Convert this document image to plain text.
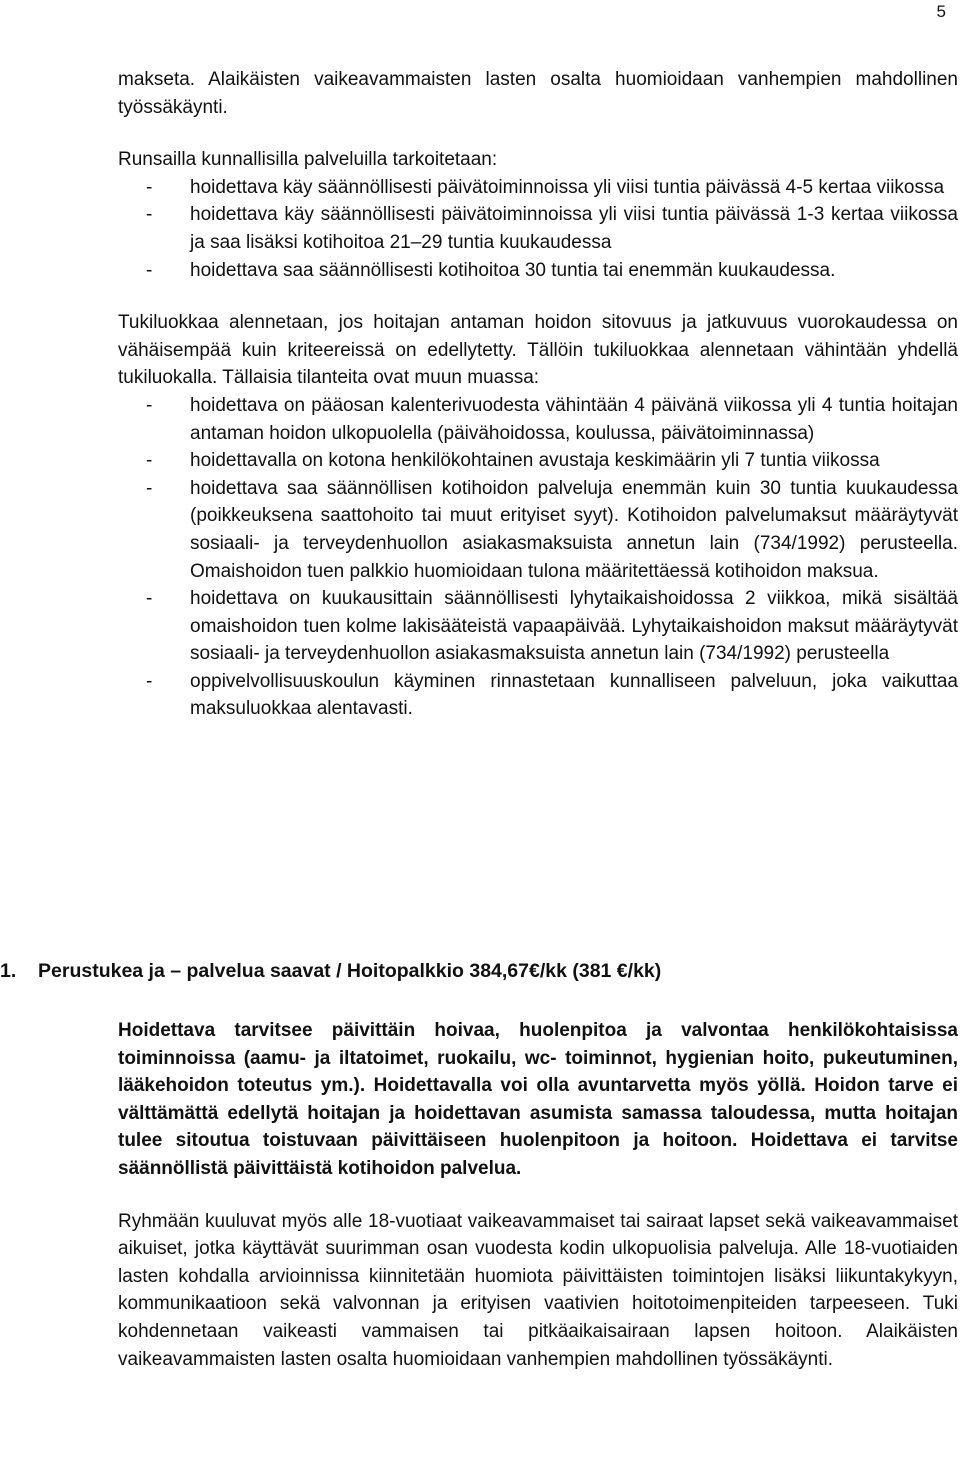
5

makseta. Alaikäisten vaikeavammaisten lasten osalta huomioidaan vanhempien mahdollinen työssäkäynti.

Runsailla kunnallisilla palveluilla tarkoitetaan:

- hoidettava käy säännöllisesti päivätoiminnoissa yli viisi tuntia päivässä 4-5 kertaa viikossa
- hoidettava käy säännöllisesti päivätoiminnoissa yli viisi tuntia päivässä 1-3 kertaa viikossa ja saa lisäksi kotihoitoa 21–29 tuntia kuukaudessa
- hoidettava saa säännöllisesti kotihoitoa 30 tuntia tai enemmän kuukaudessa.

Tukiluokkaa alennetaan, jos hoitajan antaman hoidon sitovuus ja jatkuvuus vuorokaudessa on vähäisempää kuin kriteereissä on edellytetty. Tällöin tukiluokkaa alennetaan vähintään yhdellä tukiluokalla. Tällaisia tilanteita ovat muun muassa:

- hoidettava on pääosan kalenterivuodesta vähintään 4 päivänä viikossa yli 4 tuntia hoitajan antaman hoidon ulkopuolella (päivähoidossa, koulussa, päivätoiminnassa)
- hoidettavalla on kotona henkilökohtainen avustaja keskimäärin yli 7 tuntia viikossa
- hoidettava saa säännöllisen kotihoidon palveluja enemmän kuin 30 tuntia kuukaudessa (poikkeuksena saattohoito tai muut erityiset syyt). Kotihoidon palvelumaksut määräytyvät sosiaali- ja terveydenhuollon asiakasmaksuista annetun lain (734/1992) perusteella. Omaishoidon tuen palkkio huomioidaan tulona määritettäessä kotihoidon maksua.
- hoidettava on kuukausittain säännöllisesti lyhytaikaishoidossa 2 viikkoa, mikä sisältää omaishoidon tuen kolme lakisääteistä vapaapäivää. Lyhytaikaishoidon maksut määräytyvät sosiaali- ja terveydenhuollon asiakasmaksuista annetun lain (734/1992) perusteella
- oppivelvollisuuskoulun käyminen rinnastetaan kunnalliseen palveluun, joka vaikuttaa maksuluokkaa alentavasti.
1. Perustukea ja – palvelua saavat / Hoitopalkkio 384,67€/kk (381 €/kk)

Hoidettava tarvitsee päivittäin hoivaa, huolenpitoa ja valvontaa henkilökohtaisissa toiminnoissa (aamu- ja iltatoimet, ruokailu, wc- toiminnot, hygienian hoito, pukeutuminen, lääkehoidon toteutus ym.). Hoidettavalla voi olla avuntarvetta myös yöllä. Hoidon tarve ei välttämättä edellytä hoitajan ja hoidettavan asumista samassa taloudessa, mutta hoitajan tulee sitoutua toistuvaan päivittäiseen huolenpitoon ja hoitoon. Hoidettava ei tarvitse säännöllistä päivittäistä kotihoidon palvelua.

Ryhmään kuuluvat myös alle 18-vuotiaat vaikeavammaiset tai sairaat lapset sekä vaikeavammaiset aikuiset, jotka käyttävät suurimman osan vuodesta kodin ulkopuolisia palveluja. Alle 18-vuotiaiden lasten kohdalla arvioinnissa kiinnitetään huomiota päivittäisten toimintojen lisäksi liikuntakykyyn, kommunikaatioon sekä valvonnan ja erityisen vaativien hoitotoimenpiteiden tarpeeseen. Tuki kohdennetaan vaikeasti vammaisen tai pitkäaikaisairaan lapsen hoitoon. Alaikäisten vaikeavammaisten lasten osalta huomioidaan vanhempien mahdollinen työssäkäynti.
